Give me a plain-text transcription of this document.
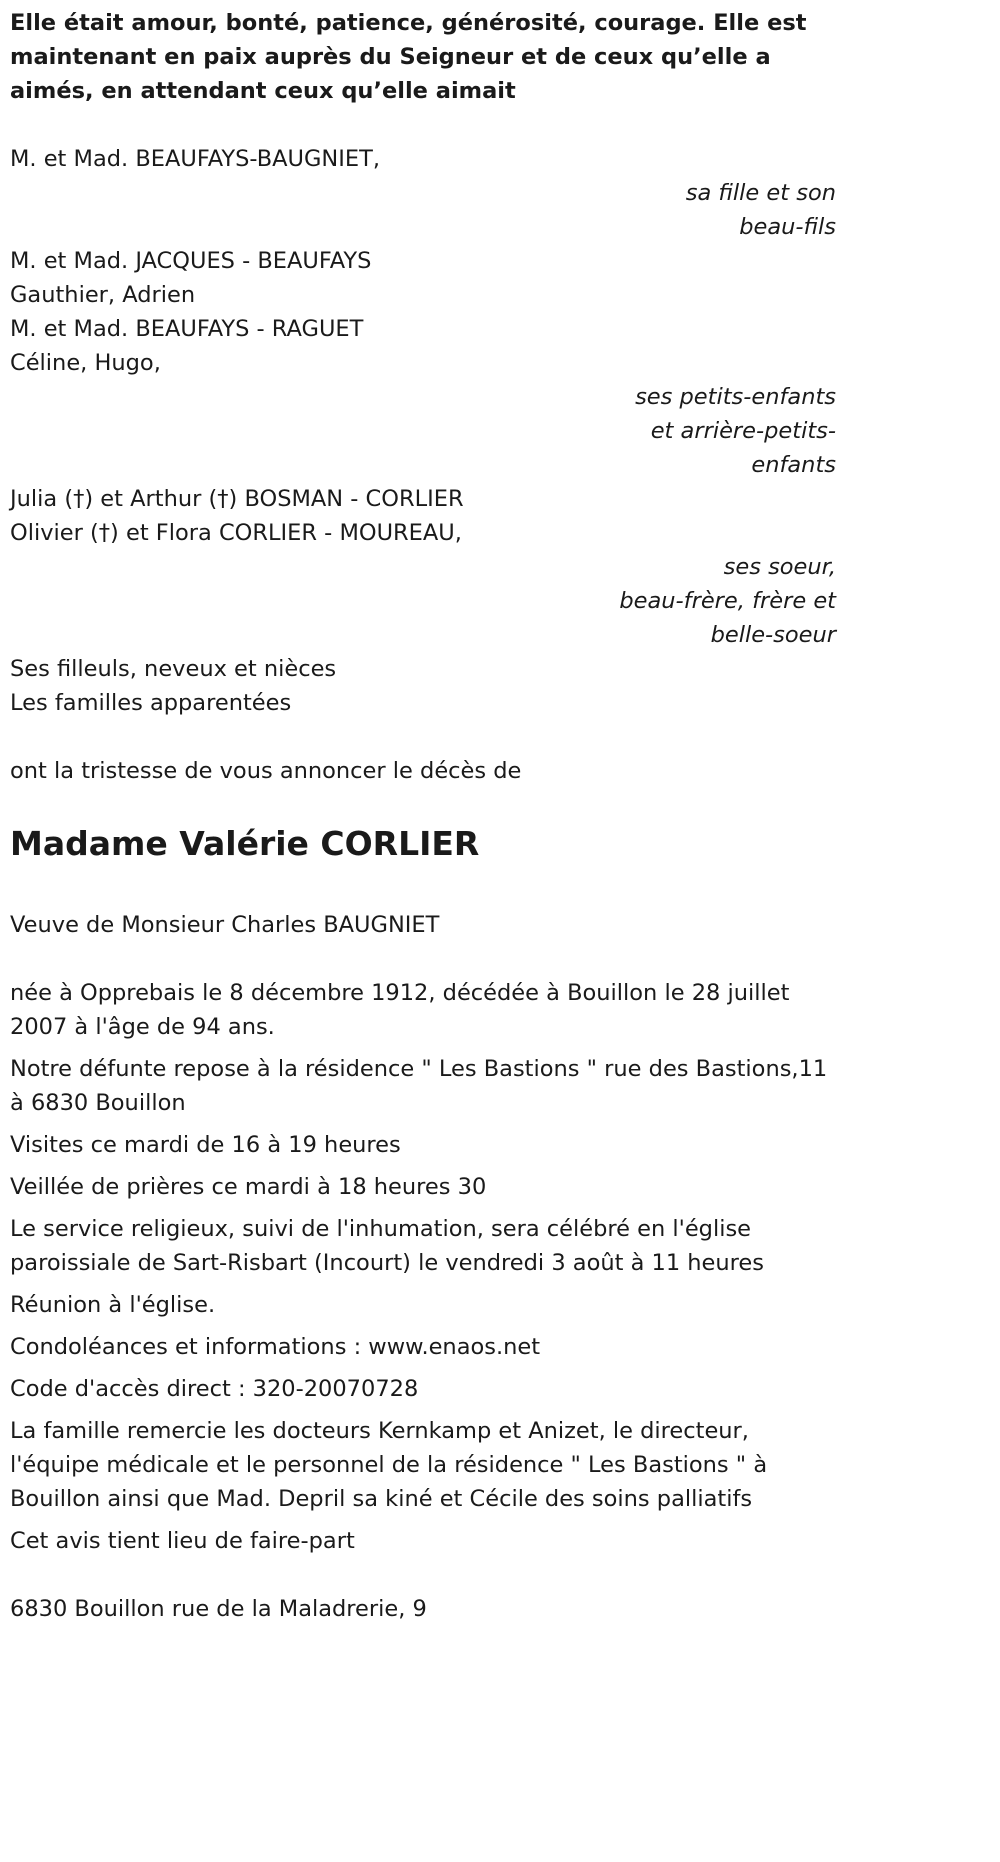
Elle était amour, bonté, patience, générosité, courage. Elle est maintenant en paix auprès du Seigneur et de ceux qu’elle a aimés, en attendant ceux qu’elle aimait
M. et Mad. BEAUFAYS-BAUGNIET,
sa fille et son
beau-fils
M. et Mad. JACQUES - BEAUFAYS
Gauthier, Adrien
M. et Mad. BEAUFAYS - RAGUET
Céline, Hugo,
ses petits-enfants
et arrière-petits-
enfants
Julia (†) et Arthur (†) BOSMAN - CORLIER
Olivier (†) et Flora CORLIER - MOUREAU,
ses soeur,
beau-frère, frère et
belle-soeur
Ses filleuls, neveux et nièces
Les familles apparentées
ont la tristesse de vous annoncer le décès de
Madame Valérie CORLIER
Veuve de Monsieur Charles BAUGNIET
née à Opprebais le 8 décembre 1912, décédée à Bouillon le 28 juillet 2007 à l'âge de 94 ans.
Notre défunte repose à la résidence " Les Bastions " rue des Bastions,11 à 6830 Bouillon
Visites ce mardi de 16 à 19 heures
Veillée de prières ce mardi à 18 heures 30
Le service religieux, suivi de l'inhumation, sera célébré en l'église paroissiale de Sart-Risbart (Incourt) le vendredi 3 août à 11 heures
Réunion à l'église.
Condoléances et informations : www.enaos.net
Code d'accès direct : 320-20070728
La famille remercie les docteurs Kernkamp et Anizet, le directeur, l'équipe médicale et le personnel de la résidence " Les Bastions " à Bouillon ainsi que Mad. Depril sa kiné et Cécile des soins palliatifs
Cet avis tient lieu de faire-part
6830 Bouillon rue de la Maladrerie, 9
